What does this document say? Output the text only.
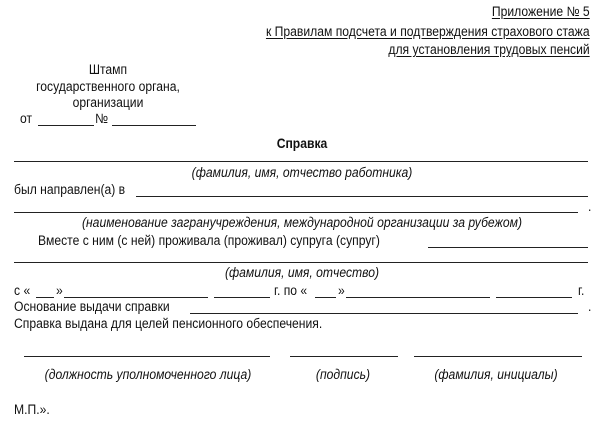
Приложение № 5
к Правилам подсчета и подтверждения страхового стажа
для установления трудовых пенсий
Штамп
государственного органа,
организации
от	№
Справка
(фамилия, имя, отчество работника)
был направлен(а) в
.
(наименование загранучреждения, международной организации за рубежом)
Вместе с ним (с ней) проживала (проживал) супруга (супруг)
(фамилия, имя, отчество)
с « »	г. по « »	г.
Основание выдачи справки	.
Справка выдана для целей пенсионного обеспечения.
(должность уполномоченного лица)	(подпись)	(фамилия, инициалы)
М.П.».
